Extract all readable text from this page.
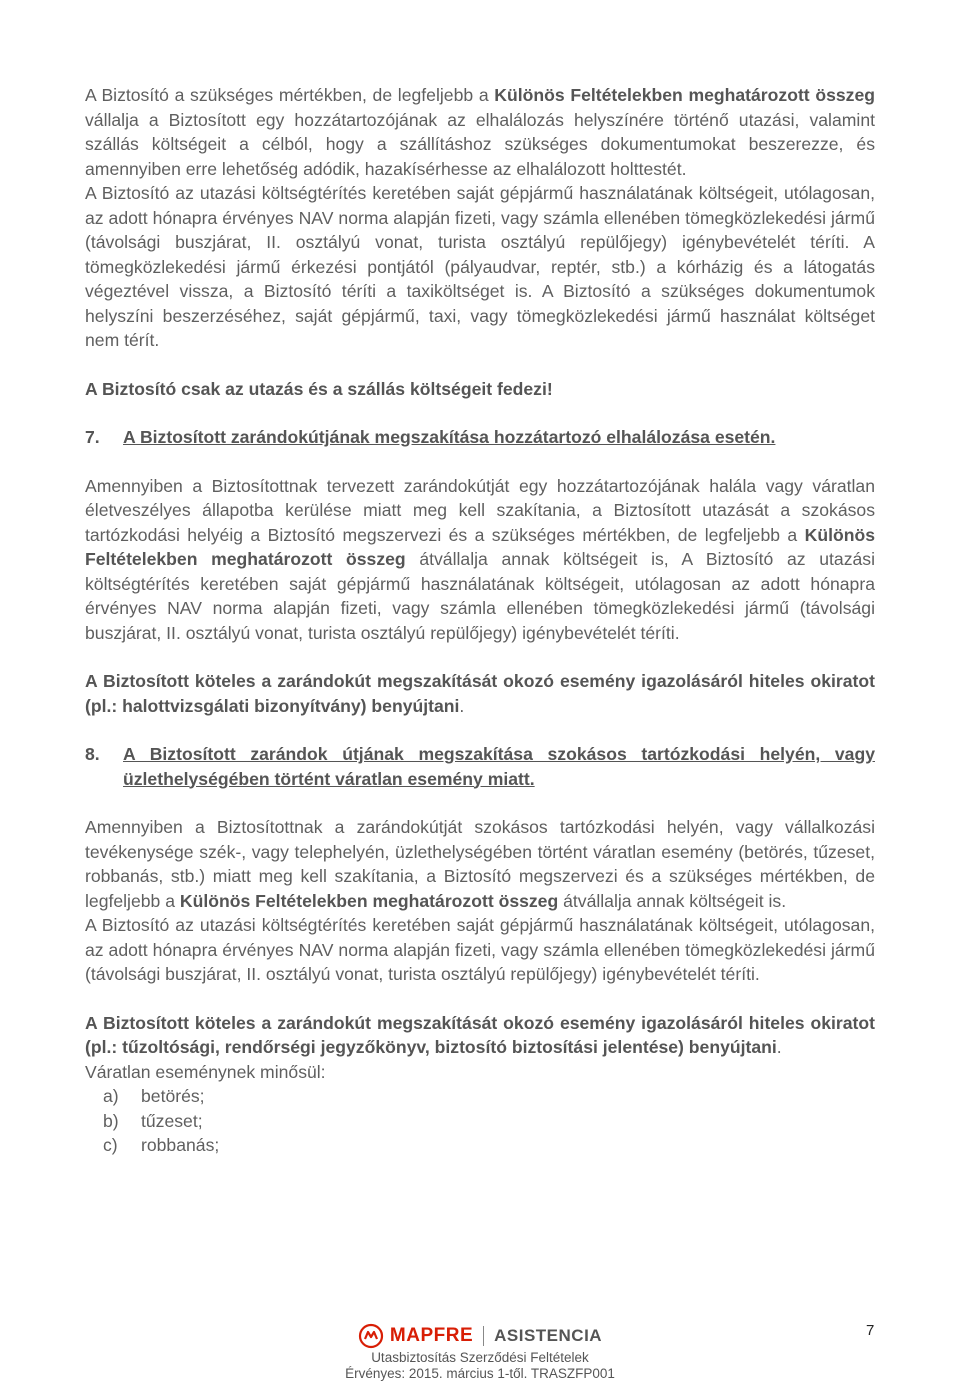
A Biztosító a szükséges mértékben, de legfeljebb a Különös Feltételekben meghatározott összeg vállalja a Biztosított egy hozzátartozójának az elhalálozás helyszínére történő utazási, valamint szállás költségeit a célból, hogy a szállításhoz szükséges dokumentumokat beszerezze, és amennyiben erre lehetőség adódik, hazakísérhesse az elhalálozott holttestét.

A Biztosító az utazási költségtérítés keretében saját gépjármű használatának költségeit, utólagosan, az adott hónapra érvényes NAV norma alapján fizeti, vagy számla ellenében tömegközlekedési jármű (távolsági buszjárat, II. osztályú vonat, turista osztályú repülőjegy) igénybevételét téríti. A tömegközlekedési jármű érkezési pontjától (pályaudvar, reptér, stb.) a kórházig és a látogatás végeztével vissza, a Biztosító téríti a taxiköltséget is. A Biztosító a szükséges dokumentumok helyszíni beszerzéséhez, saját gépjármű, taxi, vagy tömegközlekedési jármű használat költséget nem térít.

A Biztosító csak az utazás és a szállás költségeit fedezi!

7.	A Biztosított zarándokútjának megszakítása hozzátartozó elhalálozása esetén.

Amennyiben a Biztosítottnak tervezett zarándokútját egy hozzátartozójának halála vagy váratlan életveszélyes állapotba kerülése miatt meg kell szakítania, a Biztosított utazását a szokásos tartózkodási helyéig a Biztosító megszervezi és a szükséges mértékben, de legfeljebb a Különös Feltételekben meghatározott összeg átvállalja annak költségeit is, A Biztosító az utazási költségtérítés keretében saját gépjármű használatának költségeit, utólagosan az adott hónapra érvényes NAV norma alapján fizeti, vagy számla ellenében tömegközlekedési jármű (távolsági buszjárat, II. osztályú vonat, turista osztályú repülőjegy) igénybevételét téríti.

A Biztosított köteles a zarándokút megszakítását okozó esemény igazolásáról hiteles okiratot (pl.: halottvizsgálati bizonyítvány) benyújtani.

8.	A Biztosított zarándok útjának megszakítása szokásos tartózkodási helyén, vagy üzlethelységében történt váratlan esemény miatt.

Amennyiben a Biztosítottnak a zarándokútját szokásos tartózkodási helyén, vagy vállalkozási tevékenysége szék-, vagy telephelyén, üzlethelységében történt váratlan esemény (betörés, tűzeset, robbanás, stb.) miatt meg kell szakítania, a Biztosító megszervezi és a szükséges mértékben, de legfeljebb a Különös Feltételekben meghatározott összeg átvállalja annak költségeit is.

A Biztosító az utazási költségtérítés keretében saját gépjármű használatának költségeit, utólagosan, az adott hónapra érvényes NAV norma alapján fizeti, vagy számla ellenében tömegközlekedési jármű (távolsági buszjárat, II. osztályú vonat, turista osztályú repülőjegy) igénybevételét téríti.

A Biztosított köteles a zarándokút megszakítását okozó esemény igazolásáról hiteles okiratot (pl.: tűzoltósági, rendőrségi jegyzőkönyv, biztosító biztosítási jelentése) benyújtani.

Váratlan eseménynek minősül:

a)	betörés;
b)	tűzeset;
c)	robbanás;
MAPFRE ASISTENCIA
Utasbiztosítás Szerződési Feltételek
Érvényes: 2015. március 1-től. TRASZFP001
7
